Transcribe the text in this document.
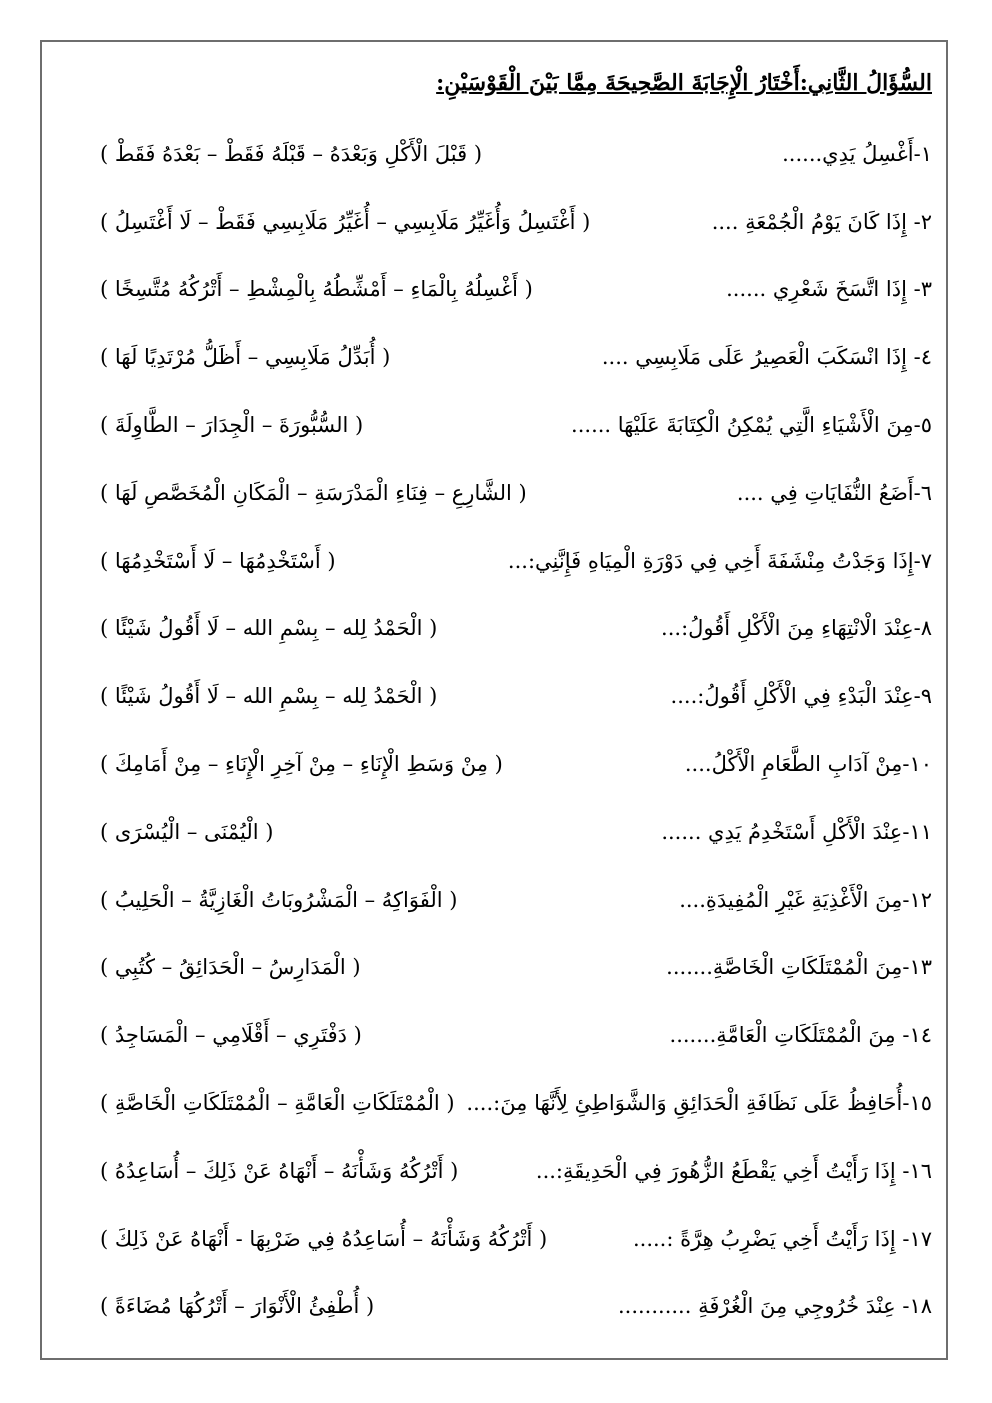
السُّؤَالُ الثَّانِي:أَخْتَارُ الْإِجَابَةَ الصَّحِيحَةَ مِمَّا بَيْنَ الْقَوْسَيْنِ:
١-أَغْسِلُ يَدِي......
( قَبْلَ الْأَكْلِ وَبَعْدَهُ – قَبْلَهُ فَقَطْ – بَعْدَهُ فَقَطْ )
٢- إِذَا كَانَ يَوْمُ الْجُمْعَةِ ....
( أَغْتَسِلُ وَأُغَيِّرُ مَلَابِسِي – أُغَيِّرُ مَلَابِسِي فَقَطْ – لَا أَغْتَسِلُ )
٣- إِذَا اتَّسَخَ شَعْرِي ......
( أَغْسِلُهُ بِالْمَاءِ – أَمْشِّطُهُ بِالْمِشْطِ – أَتْرُكُهُ مُتَّسِخًا )
٤- إِذَا انْسَكَبَ الْعَصِيرُ عَلَى مَلَابِسِي ....
( أُبَدِّلُ مَلَابِسِي – أَظَلُّ مُرْتَدِيًا لَهَا )
٥-مِنَ الْأَشْيَاءِ الَّتِي يُمْكِنُ الْكِتَابَةَ عَلَيْهَا ......
( السُّبُّورَةَ – الْجِدَارَ – الطَّاوِلَةَ )
٦-أَضَعُ النُّفَايَاتِ فِي ....
( الشَّارِعِ – فِنَاءِ الْمَدْرَسَةِ – الْمَكَانِ الْمُخَصَّصِ لَهَا )
٧-إِذَا وَجَدْتُ مِنْشَفَةَ أَخِي فِي دَوْرَةِ الْمِيَاهِ فَإِنَّنِي:...
( أَسْتَخْدِمُهَا – لَا أَسْتَخْدِمُهَا )
٨-عِنْدَ الْانْتِهَاءِ مِنَ الْأَكْلِ أَقُولُ:...
( الْحَمْدُ لِله – بِسْمِ الله – لَا أَقُولُ شَيْئًا )
٩-عِنْدَ الْبَدْءِ فِي الْأَكْلِ أَقُولُ:....
( الْحَمْدُ لِله – بِسْمِ الله – لَا أَقُولُ شَيْئًا )
١٠-مِنْ آدَابِ الطَّعَامِ الْأَكْلُ....
( مِنْ وَسَطِ الْإِنَاءِ – مِنْ آخِرِ الْإِنَاءِ – مِنْ أَمَامِكَ )
١١-عِنْدَ الْأَكْلِ أَسْتَخْدِمُ يَدِي ......
( الْيُمْنَى – الْيُسْرَى )
١٢-مِنَ الْأَغْذِيَةِ غَيْرِ الْمُفِيدَةِ....
( الْفَوَاكِهُ – الْمَشْرُوبَاتُ الْغَازِيَّةُ – الْحَلِيبُ )
١٣-مِنَ الْمُمْتَلَكَاتِ الْخَاصَّةِ.......
( الْمَدَارِسُ – الْحَدَائِقُ – كُتُبِي )
١٤- مِنَ الْمُمْتَلَكَاتِ الْعَامَّةِ.......
( دَفْتَرِي – أَقْلَامِي – الْمَسَاجِدُ )
١٥-أُحَافِظُ عَلَى نَظَافَةِ الْحَدَائِقِ وَالشَّوَاطِئِ لِأَنَّهَا مِنَ:....
( الْمُمْتَلَكَاتِ الْعَامَّةِ – الْمُمْتَلَكَاتِ الْخَاصَّةِ )
١٦- إِذَا رَأَيْتُ أَخِي يَقْطَعُ الزُّهُورَ فِي الْحَدِيقَةِ:...
( أَتْرُكُهُ وَشَأْنَهُ – أَنْهَاهُ عَنْ ذَلِكَ – أُسَاعِدُهُ )
١٧- إِذَا رَأَيْتُ أَخِي يَضْرِبُ هِرَّةً :.....
( أَتْرُكُهُ وَشَأْنَهُ – أُسَاعِدُهُ فِي ضَرْبِهَا - أَنْهَاهُ عَنْ ذَلِكَ )
١٨- عِنْدَ خُرُوجِي مِنَ الْغُرْفَةِ ...........
( أُطْفِئُ الْأَنْوَارَ – أَتْرُكُهَا مُضَاءَةً )
